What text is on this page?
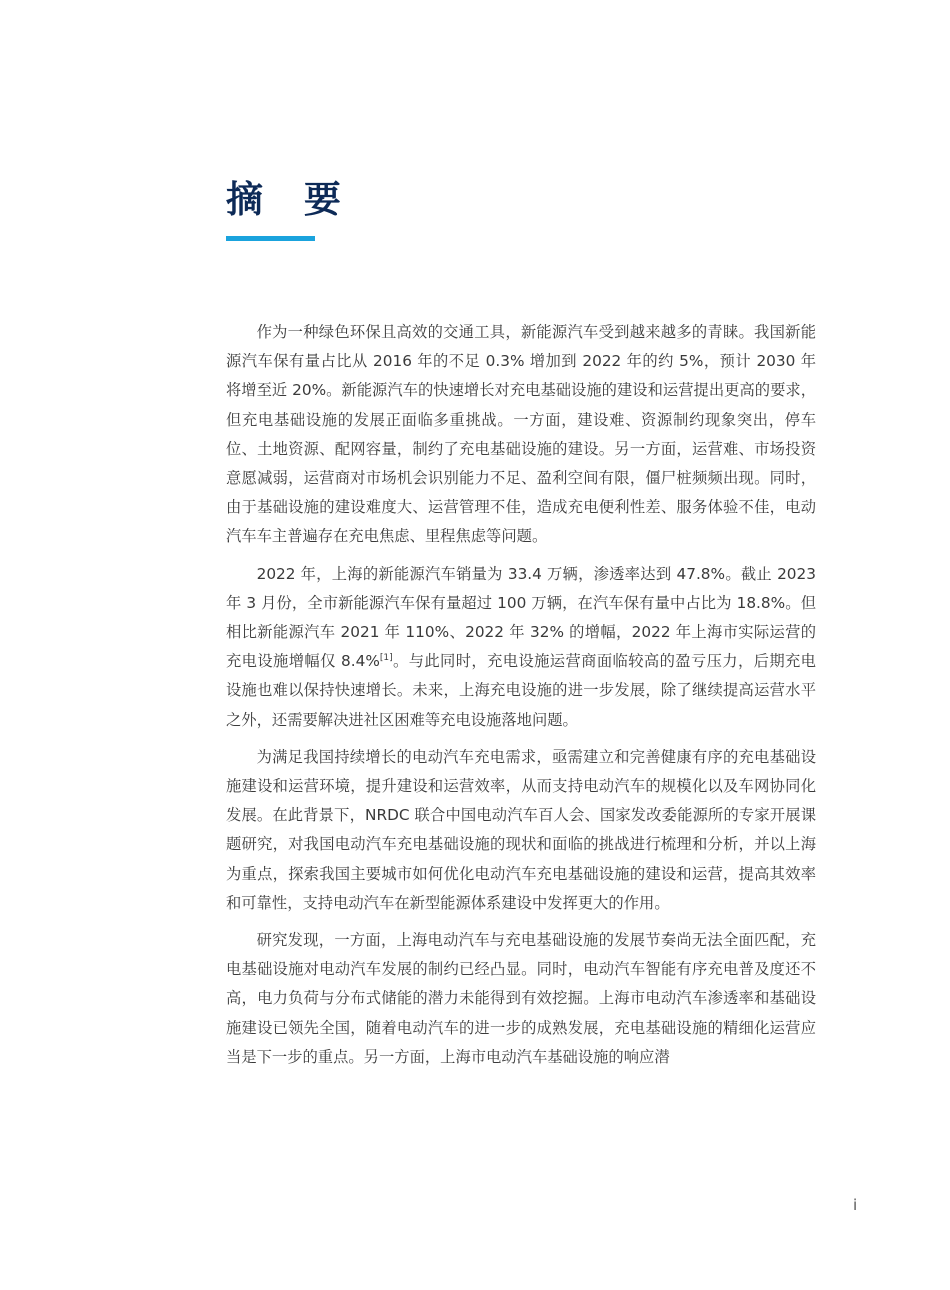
摘 要

作为一种绿色环保且高效的交通工具，新能源汽车受到越来越多的青睐。我国新能源汽车保有量占比从 2016 年的不足 0.3% 增加到 2022 年的约 5%，预计 2030 年将增至近 20%。新能源汽车的快速增长对充电基础设施的建设和运营提出更高的要求，但充电基础设施的发展正面临多重挑战。一方面，建设难、资源制约现象突出，停车位、土地资源、配网容量，制约了充电基础设施的建设。另一方面，运营难、市场投资意愿减弱，运营商对市场机会识别能力不足、盈利空间有限，僵尸桩频频出现。同时，由于基础设施的建设难度大、运营管理不佳，造成充电便利性差、服务体验不佳，电动汽车车主普遍存在充电焦虑、里程焦虑等问题。

2022 年，上海的新能源汽车销量为 33.4 万辆，渗透率达到 47.8%。截止 2023 年 3 月份，全市新能源汽车保有量超过 100 万辆，在汽车保有量中占比为 18.8%。但相比新能源汽车 2021 年 110%、2022 年 32% 的增幅，2022 年上海市实际运营的充电设施增幅仅 8.4%[1]。与此同时，充电设施运营商面临较高的盈亏压力，后期充电设施也难以保持快速增长。未来，上海充电设施的进一步发展，除了继续提高运营水平之外，还需要解决进社区困难等充电设施落地问题。

为满足我国持续增长的电动汽车充电需求，亟需建立和完善健康有序的充电基础设施建设和运营环境，提升建设和运营效率，从而支持电动汽车的规模化以及车网协同化发展。在此背景下，NRDC 联合中国电动汽车百人会、国家发改委能源所的专家开展课题研究，对我国电动汽车充电基础设施的现状和面临的挑战进行梳理和分析，并以上海为重点，探索我国主要城市如何优化电动汽车充电基础设施的建设和运营，提高其效率和可靠性，支持电动汽车在新型能源体系建设中发挥更大的作用。

研究发现，一方面，上海电动汽车与充电基础设施的发展节奏尚无法全面匹配，充电基础设施对电动汽车发展的制约已经凸显。同时，电动汽车智能有序充电普及度还不高，电力负荷与分布式储能的潜力未能得到有效挖掘。上海市电动汽车渗透率和基础设施建设已领先全国，随着电动汽车的进一步的成熟发展，充电基础设施的精细化运营应当是下一步的重点。另一方面，上海市电动汽车基础设施的响应潜

i
